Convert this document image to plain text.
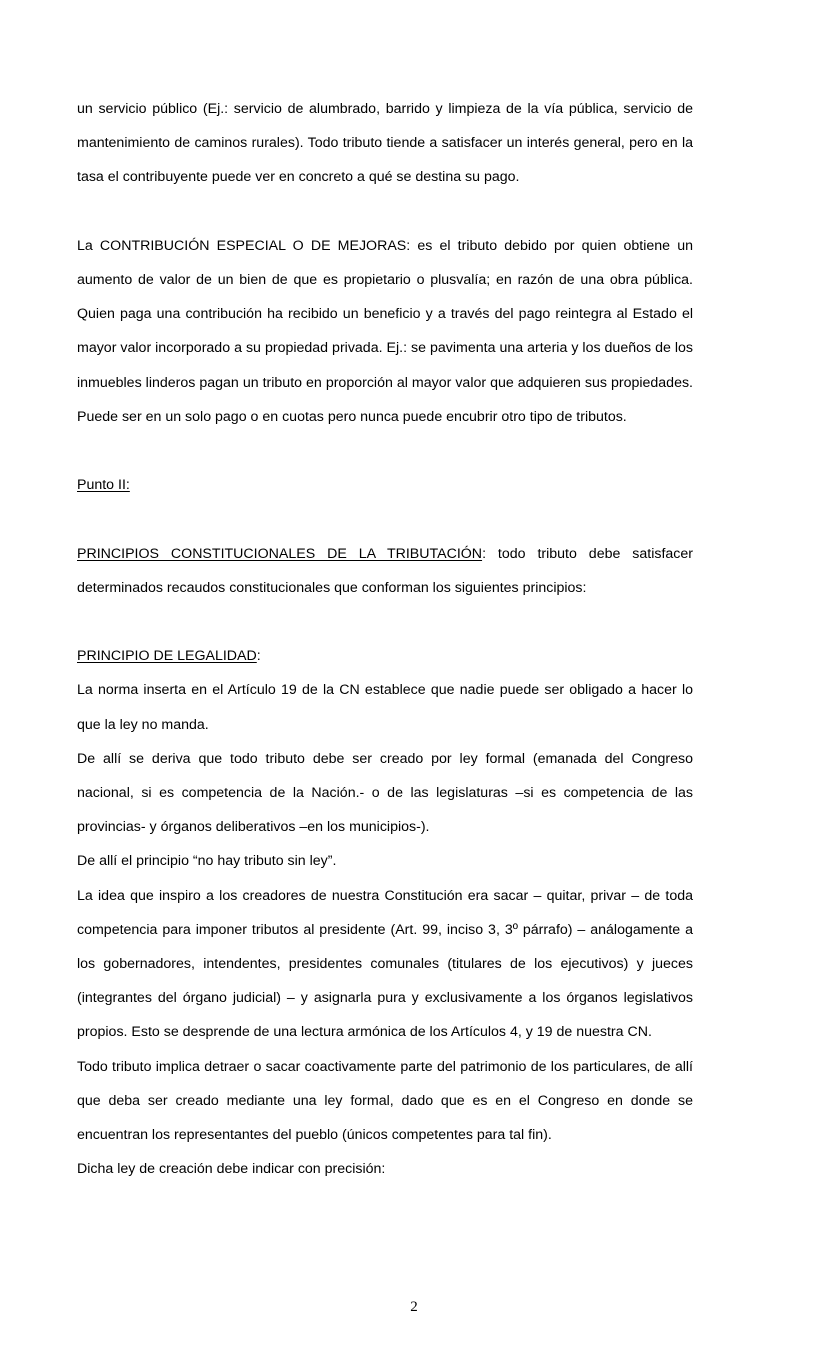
un servicio público (Ej.: servicio de alumbrado, barrido y limpieza de la vía pública, servicio de mantenimiento de caminos rurales). Todo tributo tiende a satisfacer un interés general, pero en la tasa el contribuyente puede ver en concreto a qué se destina su pago.

La CONTRIBUCIÓN ESPECIAL O DE MEJORAS: es el tributo debido por quien obtiene un aumento de valor de un bien de que es propietario o plusvalía; en razón de una obra pública. Quien paga una contribución ha recibido un beneficio y a través del pago reintegra al Estado el mayor valor incorporado a su propiedad privada. Ej.: se pavimenta una arteria y los dueños de los inmuebles linderos pagan un tributo en proporción al mayor valor que adquieren sus propiedades. Puede ser en un solo pago o en cuotas pero nunca puede encubrir otro tipo de tributos.

Punto II:

PRINCIPIOS CONSTITUCIONALES DE LA TRIBUTACIÓN: todo tributo debe satisfacer determinados recaudos constitucionales que conforman los siguientes principios:

PRINCIPIO DE LEGALIDAD:

La norma inserta en el Artículo 19 de la CN establece que nadie puede ser obligado a hacer lo que la ley no manda.

De allí se deriva que todo tributo debe ser creado por ley formal (emanada del Congreso nacional, si es competencia de la Nación.- o de las legislaturas –si es competencia de las provincias- y órganos deliberativos –en los municipios-).

De allí el principio “no hay tributo sin ley”.

La idea que inspiro a los creadores de nuestra Constitución era sacar – quitar, privar – de toda competencia para imponer tributos al presidente (Art. 99, inciso 3, 3º párrafo) – análogamente a los gobernadores, intendentes, presidentes comunales (titulares de los ejecutivos) y jueces (integrantes del órgano judicial) – y asignarla pura y exclusivamente a los órganos legislativos propios. Esto se desprende de una lectura armónica de los Artículos 4, y 19 de nuestra CN.

Todo tributo implica detraer o sacar coactivamente parte del patrimonio de los particulares, de allí que deba ser creado mediante una ley formal, dado que es en el Congreso en donde se encuentran los representantes del pueblo (únicos competentes para tal fin).

Dicha ley de creación debe indicar con precisión:

2
